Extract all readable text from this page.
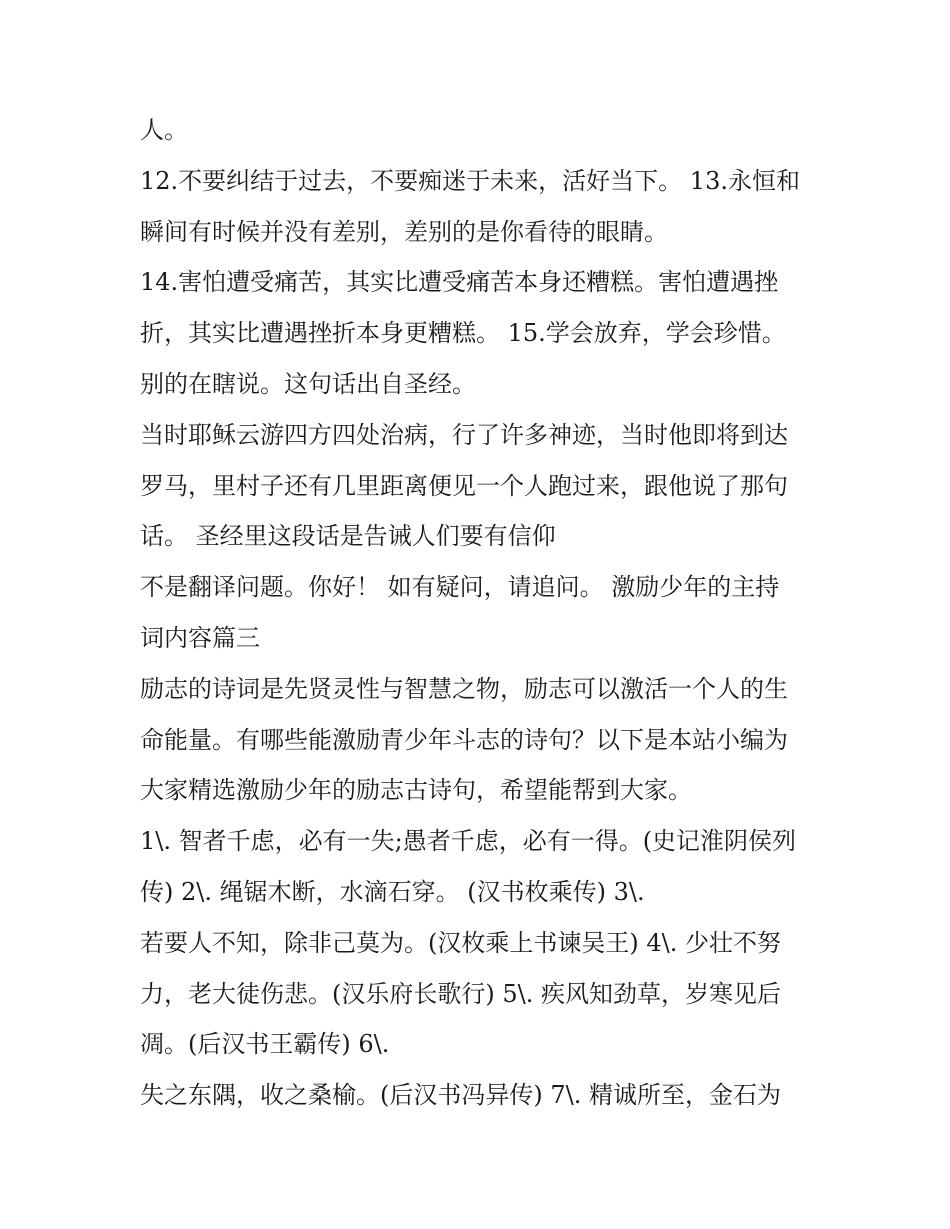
人。
12.不要纠结于过去，不要痴迷于未来，活好当下。 13.永恒和
瞬间有时候并没有差别，差别的是你看待的眼睛。
14.害怕遭受痛苦，其实比遭受痛苦本身还糟糕。害怕遭遇挫
折，其实比遭遇挫折本身更糟糕。 15.学会放弃，学会珍惜。
别的在瞎说。这句话出自圣经。
当时耶稣云游四方四处治病，行了许多神迹，当时他即将到达
罗马，里村子还有几里距离便见一个人跑过来，跟他说了那句
话。 圣经里这段话是告诫人们要有信仰
不是翻译问题。你好！ 如有疑问，请追问。 激励少年的主持
词内容篇三
励志的诗词是先贤灵性与智慧之物，励志可以激活一个人的生
命能量。有哪些能激励青少年斗志的诗句？以下是本站小编为
大家精选激励少年的励志古诗句，希望能帮到大家。
1\. 智者千虑，必有一失;愚者千虑，必有一得。(史记淮阴侯列
传) 2\. 绳锯木断，水滴石穿。 (汉书枚乘传) 3\.
若要人不知，除非己莫为。(汉枚乘上书谏吴王) 4\. 少壮不努
力，老大徒伤悲。(汉乐府长歌行) 5\. 疾风知劲草，岁寒见后
凋。(后汉书王霸传) 6\.
失之东隅，收之桑榆。(后汉书冯异传) 7\. 精诚所至，金石为
